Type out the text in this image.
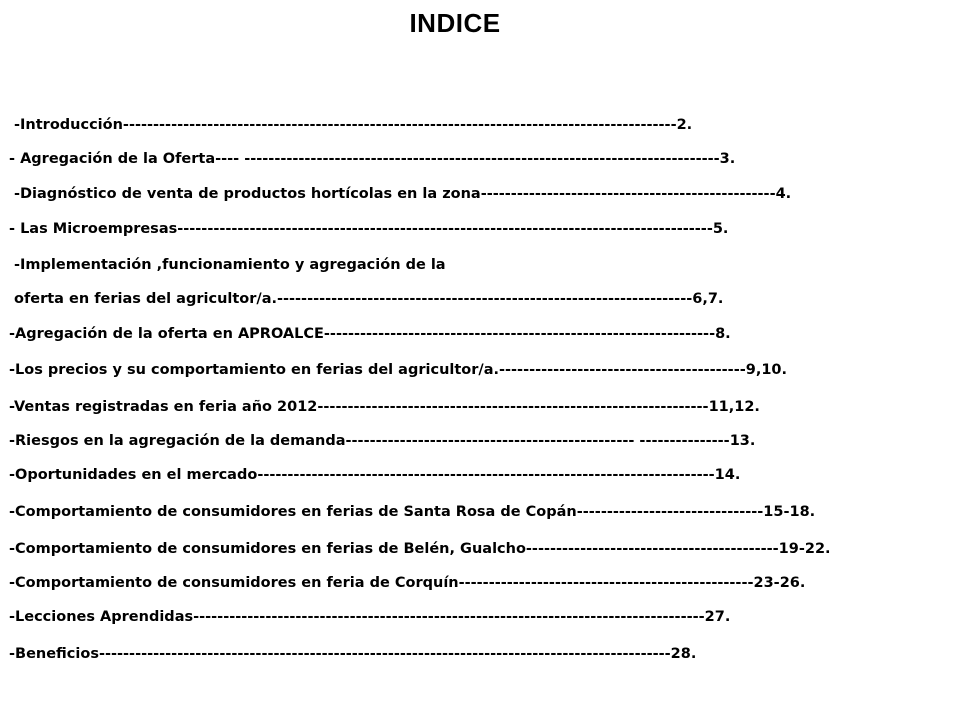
INDICE
-Introducción--------------------------------------------------------------------------------------------2.
- Agregación de la Oferta---- -------------------------------------------------------------------------------3.
-Diagnóstico de venta de productos hortícolas en la zona-------------------------------------------------4.
- Las Microempresas-----------------------------------------------------------------------------------------5.
-Implementación ,funcionamiento y agregación de la
oferta en ferias del agricultor/a.---------------------------------------------------------------------6,7.
-Agregación de la oferta en APROALCE-----------------------------------------------------------------8.
-Los precios y su comportamiento en ferias del agricultor/a.-----------------------------------------9,10.
-Ventas registradas en feria año 2012-----------------------------------------------------------------11,12.
-Riesgos en la agregación de la demanda------------------------------------------------ ---------------13.
-Oportunidades en el mercado----------------------------------------------------------------------------14.
-Comportamiento de consumidores en ferias de Santa Rosa de Copán-------------------------------15-18.
-Comportamiento de consumidores en ferias de Belén, Gualcho------------------------------------------19-22.
-Comportamiento de consumidores en feria de Corquín-------------------------------------------------23-26.
-Lecciones Aprendidas-------------------------------------------------------------------------------------27.
-Beneficios-----------------------------------------------------------------------------------------------28.
